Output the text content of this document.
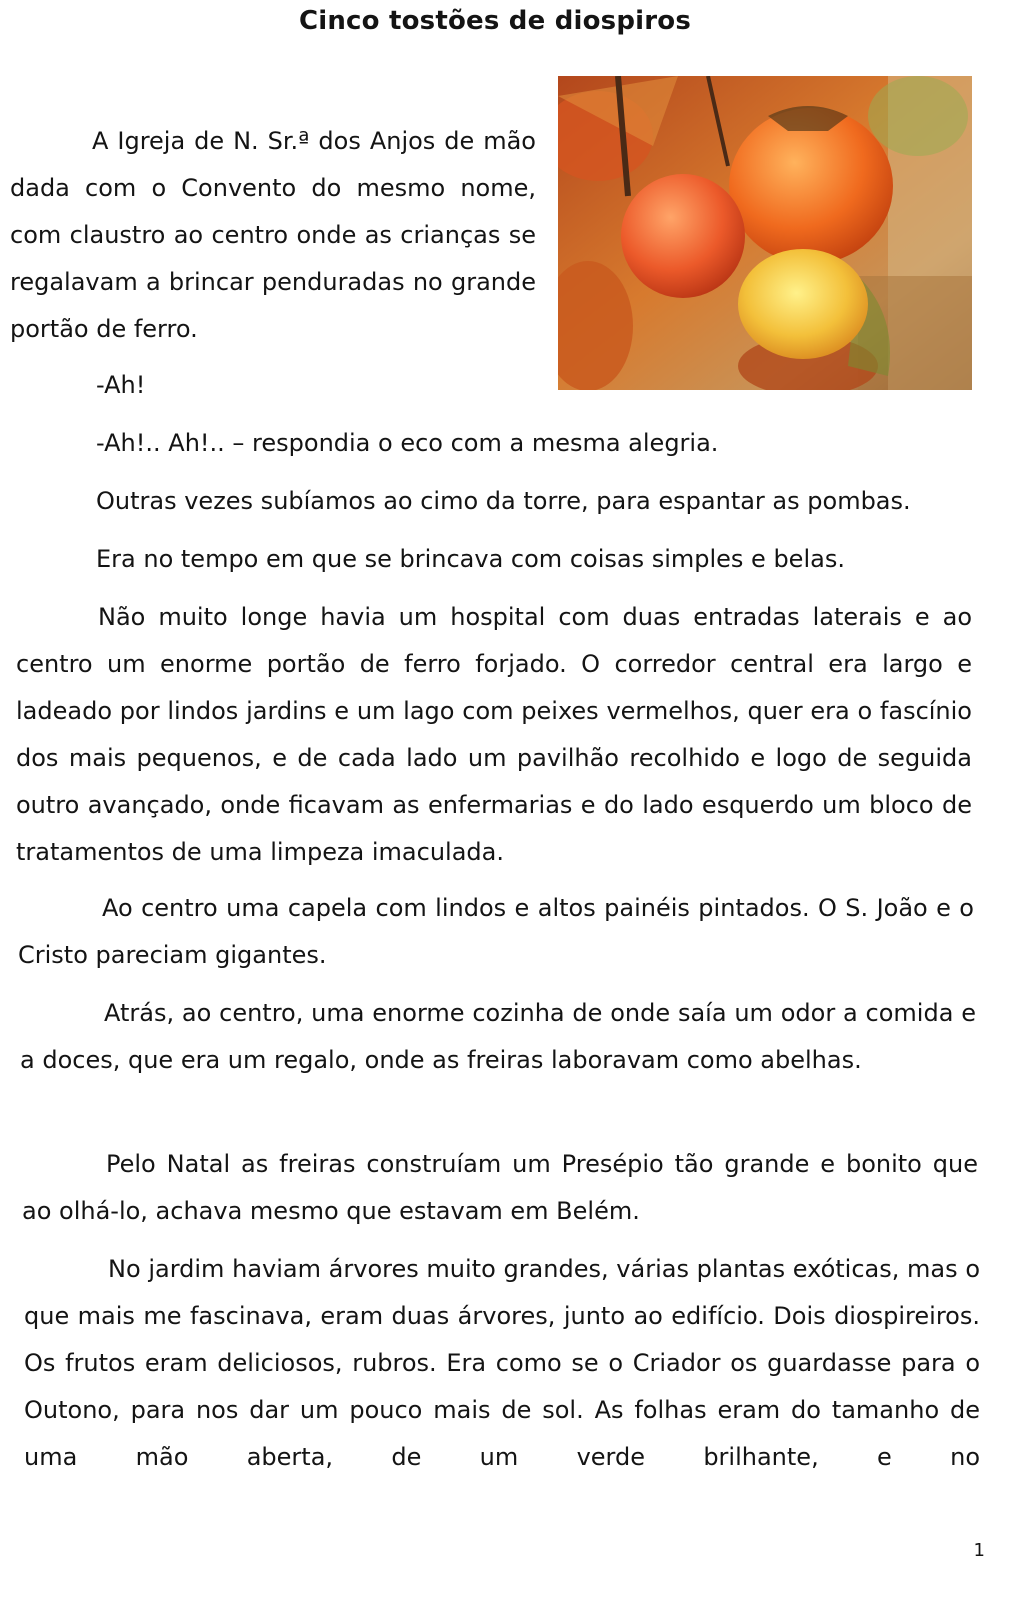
Cinco tostões de diospiros

A Igreja de N. Sr.ª dos Anjos de mão dada com o Convento do mesmo nome, com claustro ao centro onde as crianças se regalavam a brincar penduradas no grande portão de ferro.

-Ah!

-Ah!.. Ah!.. – respondia o eco com a mesma alegria.

Outras vezes subíamos ao cimo da torre, para espantar as pombas.

Era no tempo em que se brincava com coisas simples e belas.

Não muito longe havia um hospital com duas entradas laterais e ao centro um enorme portão de ferro forjado. O corredor central era largo e ladeado por lindos jardins e um lago com peixes vermelhos, quer era o fascínio dos mais pequenos, e de cada lado um pavilhão recolhido e logo de seguida outro avançado, onde ficavam as enfermarias e do lado esquerdo um bloco de tratamentos de uma limpeza imaculada.

Ao centro uma capela com lindos e altos painéis pintados. O S. João e o Cristo pareciam gigantes.

Atrás, ao centro, uma enorme cozinha de onde saía um odor a comida e a doces, que era um regalo, onde as freiras laboravam como abelhas.

Pelo Natal as freiras construíam um Presépio tão grande e bonito que ao olhá-lo, achava mesmo que estavam em Belém.

No jardim haviam árvores muito grandes, várias plantas exóticas, mas o que mais me fascinava, eram duas árvores, junto ao edifício. Dois diospireiros. Os frutos eram deliciosos, rubros. Era como se o Criador os guardasse para o Outono, para nos dar um pouco mais de sol. As folhas eram do tamanho de uma mão aberta, de um verde brilhante, e no

1
